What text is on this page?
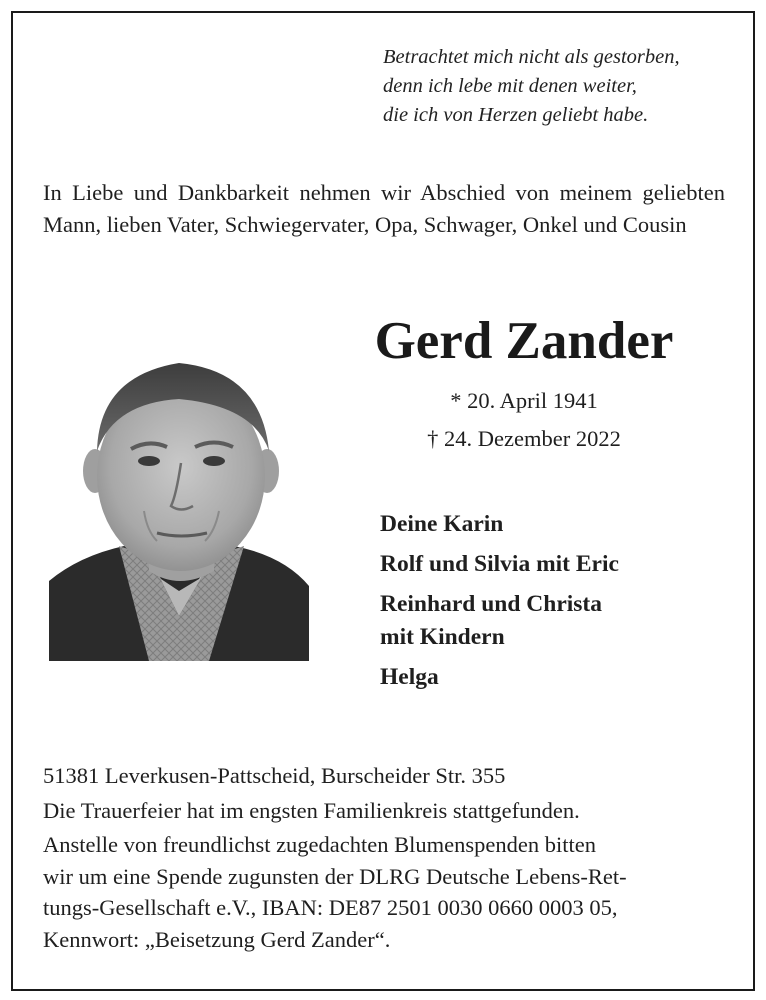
Betrachtet mich nicht als gestorben,
denn ich lebe mit denen weiter,
die ich von Herzen geliebt habe.
In Liebe und Dankbarkeit nehmen wir Abschied von meinem geliebten Mann, lieben Vater, Schwiegervater, Opa, Schwager, Onkel und Cousin
Gerd Zander
* 20. April 1941
† 24. Dezember 2022
Deine Karin
Rolf und Silvia mit Eric
Reinhard und Christa
mit Kindern
Helga

51381 Leverkusen-Pattscheid, Burscheider Str. 355

Die Trauerfeier hat im engsten Familienkreis stattgefunden.

Anstelle von freundlichst zugedachten Blumenspenden bitten
wir um eine Spende zugunsten der DLRG Deutsche Lebens-Ret-
tungs-Gesellschaft e.V., IBAN: DE87 2501 0030 0660 0003 05,
Kennwort: „Beisetzung Gerd Zander“.
